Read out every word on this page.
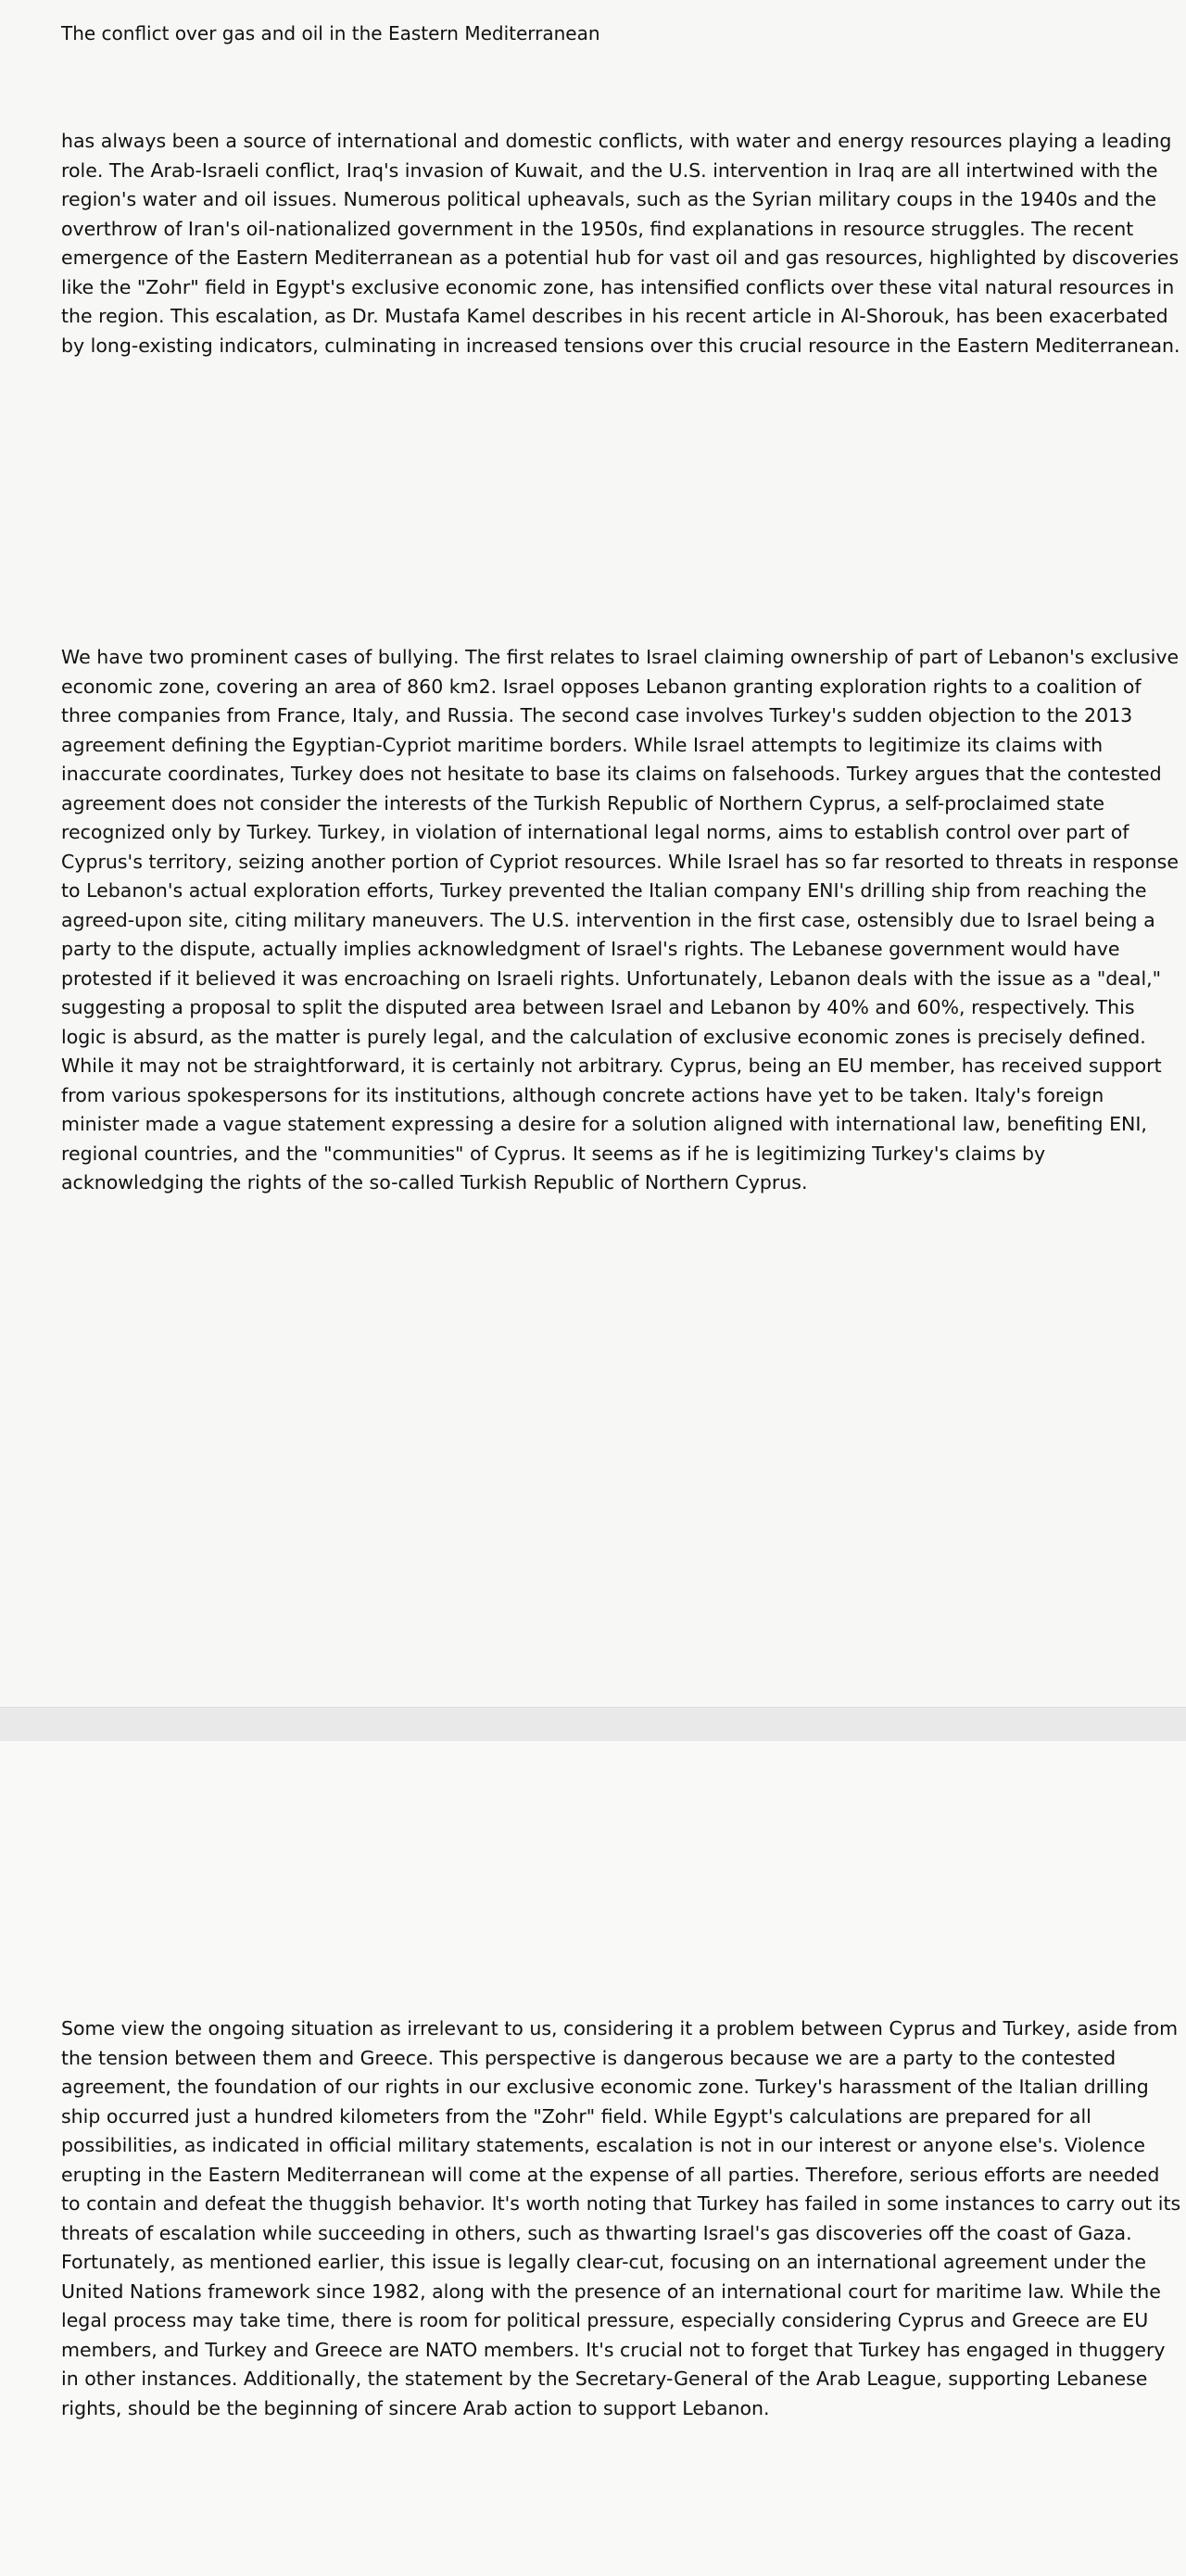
The conflict over gas and oil in the Eastern Mediterranean

has always been a source of international and domestic conflicts, with water and energy resources playing a leading role. The Arab-Israeli conflict, Iraq's invasion of Kuwait, and the U.S. intervention in Iraq are all intertwined with the region's water and oil issues. Numerous political upheavals, such as the Syrian military coups in the 1940s and the overthrow of Iran's oil-nationalized government in the 1950s, find explanations in resource struggles. The recent emergence of the Eastern Mediterranean as a potential hub for vast oil and gas resources, highlighted by discoveries like the "Zohr" field in Egypt's exclusive economic zone, has intensified conflicts over these vital natural resources in the region. This escalation, as Dr. Mustafa Kamel describes in his recent article in Al-Shorouk, has been exacerbated by long-existing indicators, culminating in increased tensions over this crucial resource in the Eastern Mediterranean.

We have two prominent cases of bullying. The first relates to Israel claiming ownership of part of Lebanon's exclusive economic zone, covering an area of 860 km2. Israel opposes Lebanon granting exploration rights to a coalition of three companies from France, Italy, and Russia. The second case involves Turkey's sudden objection to the 2013 agreement defining the Egyptian-Cypriot maritime borders. While Israel attempts to legitimize its claims with inaccurate coordinates, Turkey does not hesitate to base its claims on falsehoods. Turkey argues that the contested agreement does not consider the interests of the Turkish Republic of Northern Cyprus, a self-proclaimed state recognized only by Turkey. Turkey, in violation of international legal norms, aims to establish control over part of Cyprus's territory, seizing another portion of Cypriot resources. While Israel has so far resorted to threats in response to Lebanon's actual exploration efforts, Turkey prevented the Italian company ENI's drilling ship from reaching the agreed-upon site, citing military maneuvers. The U.S. intervention in the first case, ostensibly due to Israel being a party to the dispute, actually implies acknowledgment of Israel's rights. The Lebanese government would have protested if it believed it was encroaching on Israeli rights. Unfortunately, Lebanon deals with the issue as a "deal," suggesting a proposal to split the disputed area between Israel and Lebanon by 40% and 60%, respectively. This logic is absurd, as the matter is purely legal, and the calculation of exclusive economic zones is precisely defined. While it may not be straightforward, it is certainly not arbitrary. Cyprus, being an EU member, has received support from various spokespersons for its institutions, although concrete actions have yet to be taken. Italy's foreign minister made a vague statement expressing a desire for a solution aligned with international law, benefiting ENI, regional countries, and the "communities" of Cyprus. It seems as if he is legitimizing Turkey's claims by acknowledging the rights of the so-called Turkish Republic of Northern Cyprus.

Some view the ongoing situation as irrelevant to us, considering it a problem between Cyprus and Turkey, aside from the tension between them and Greece. This perspective is dangerous because we are a party to the contested agreement, the foundation of our rights in our exclusive economic zone. Turkey's harassment of the Italian drilling ship occurred just a hundred kilometers from the "Zohr" field. While Egypt's calculations are prepared for all possibilities, as indicated in official military statements, escalation is not in our interest or anyone else's. Violence erupting in the Eastern Mediterranean will come at the expense of all parties. Therefore, serious efforts are needed to contain and defeat the thuggish behavior. It's worth noting that Turkey has failed in some instances to carry out its threats of escalation while succeeding in others, such as thwarting Israel's gas discoveries off the coast of Gaza. Fortunately, as mentioned earlier, this issue is legally clear-cut, focusing on an international agreement under the United Nations framework since 1982, along with the presence of an international court for maritime law. While the legal process may take time, there is room for political pressure, especially considering Cyprus and Greece are EU members, and Turkey and Greece are NATO members. It's crucial not to forget that Turkey has engaged in thuggery in other instances. Additionally, the statement by the Secretary-General of the Arab League, supporting Lebanese rights, should be the beginning of sincere Arab action to support Lebanon.
